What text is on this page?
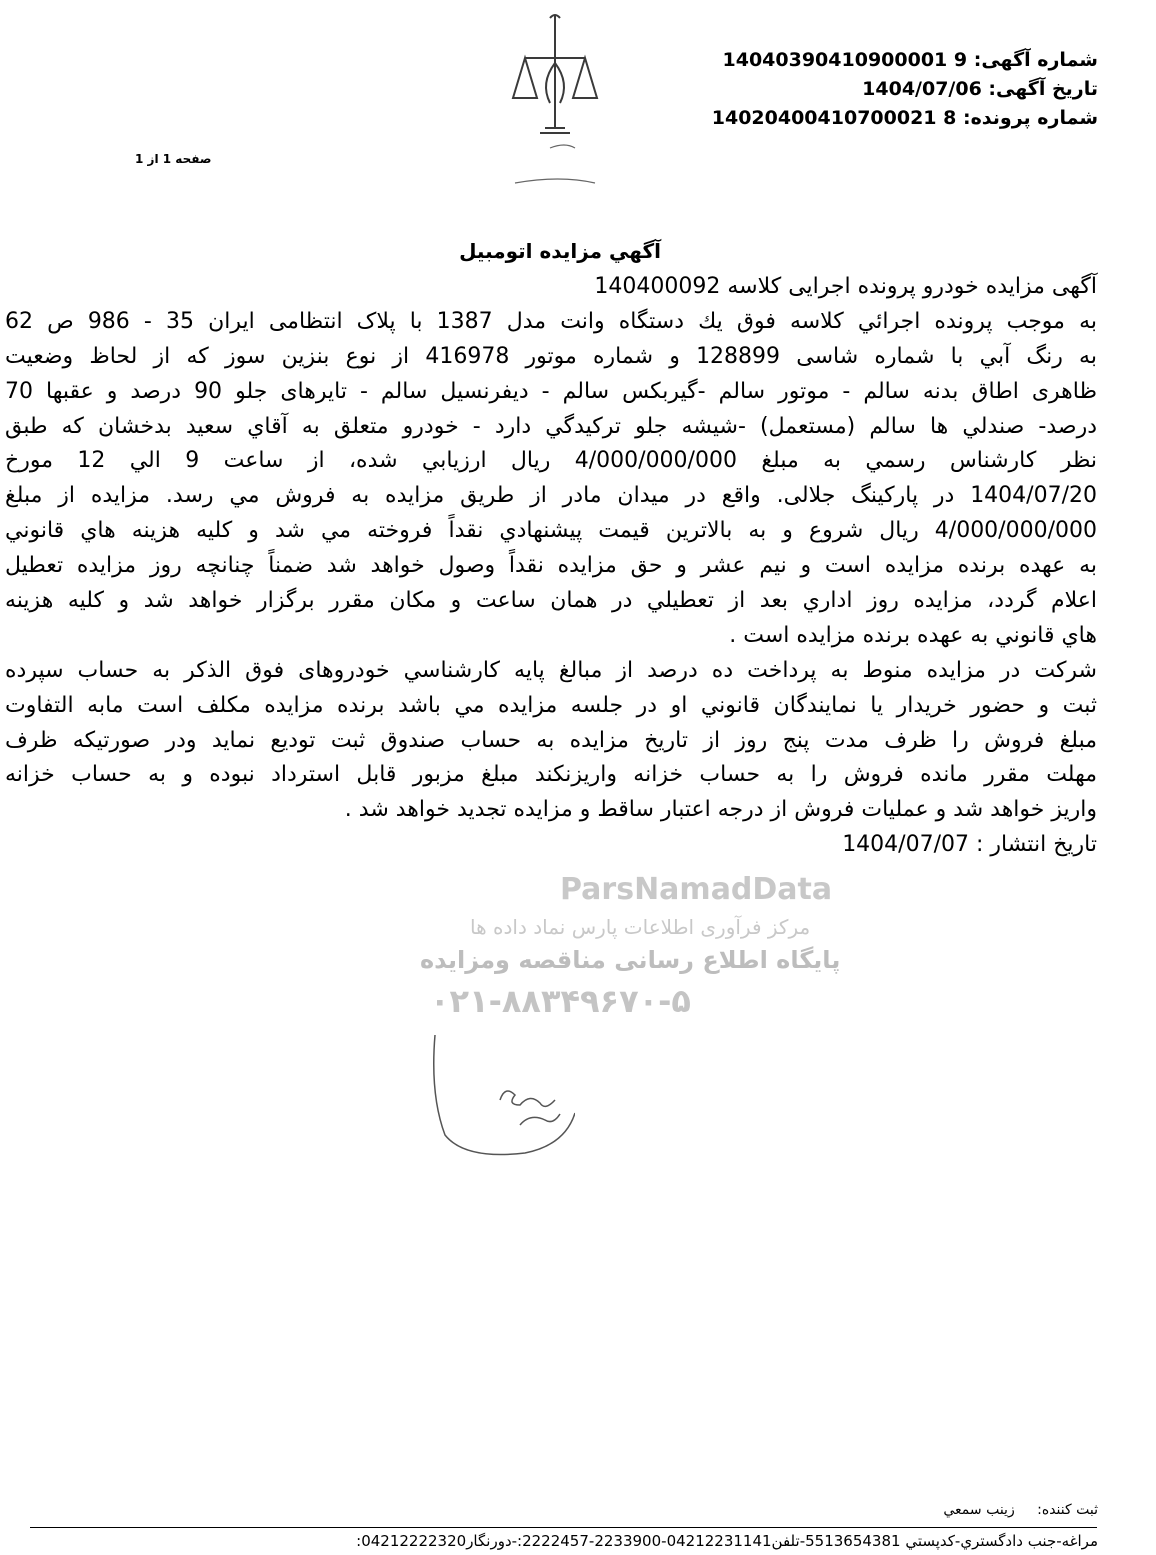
شماره آگهی: 14040390410900001 9
تاریخ آگهی: 1404/07/06
شماره پرونده: 14020400410700021 8
صفحه 1 از 1
آگهي مزايده اتومبيل
آگهی مزایده خودرو پرونده اجرایی کلاسه 140400092
به موجب پرونده اجرائي كلاسه فوق يك دستگاه وانت مدل 1387 با پلاک انتظامی ایران 35 - 986 ص 62
به رنگ آبي با شماره شاسی 128899 و شماره موتور 416978 از نوع بنزين سوز كه از لحاظ وضعيت
ظاهری اطاق بدنه سالم - موتور سالم -گيربكس سالم - ديفرنسيل سالم - تايرهای جلو 90 درصد و عقبها 70
درصد- صندلي ها سالم (مستعمل) -شيشه جلو تركيدگي دارد - خودرو متعلق به آقاي سعيد بدخشان كه طبق
نظر كارشناس رسمي به مبلغ 4/000/000/000 ريال ارزيابي شده، از ساعت 9 الي 12 مورخ
1404/07/20 در پاركينگ جلالی. واقع در ميدان مادر از طريق مزايده به فروش مي رسد. مزايده از مبلغ
4/000/000/000 ريال شروع و به بالاترين قيمت پيشنهادي نقداً فروخته مي شد و كليه هزينه هاي قانوني
به عهده برنده مزايده است و نيم عشر و حق مزايده نقداً وصول خواهد شد ضمناً چنانچه روز مزايده تعطيل
اعلام گردد، مزايده روز اداري بعد از تعطيلي در همان ساعت و مكان مقرر برگزار خواهد شد و كليه هزينه
هاي قانوني به عهده برنده مزايده است .
شركت در مزايده منوط به پرداخت ده درصد از مبالغ پايه كارشناسي خودروهای فوق الذكر به حساب سپرده
ثبت و حضور خريدار يا نمايندگان قانوني او در جلسه مزايده مي باشد برنده مزايده مكلف است مابه التفاوت
مبلغ فروش را ظرف مدت پنج روز از تاريخ مزايده به حساب صندوق ثبت توديع نمايد ودر صورتيكه ظرف
مهلت مقرر مانده فروش را به حساب خزانه واريزنكند مبلغ مزبور قابل استرداد نبوده و به حساب خزانه
واريز خواهد شد و عمليات فروش از درجه اعتبار ساقط و مزايده تجديد خواهد شد .
تاريخ انتشار : 1404/07/07
ParsNamadData
مرکز فرآوری اطلاعات پارس نماد داده ها
پایگاه اطلاع رسانی مناقصه ومزایده
۰۲۱-۸۸۳۴۹۶۷۰-۵
ثبت كننده: زينب سمعي
مراغه-جنب دادگستري-كدپستي 5513654381-تلفن04212231141-2233900-2222457:-دورنگار04212222320:
